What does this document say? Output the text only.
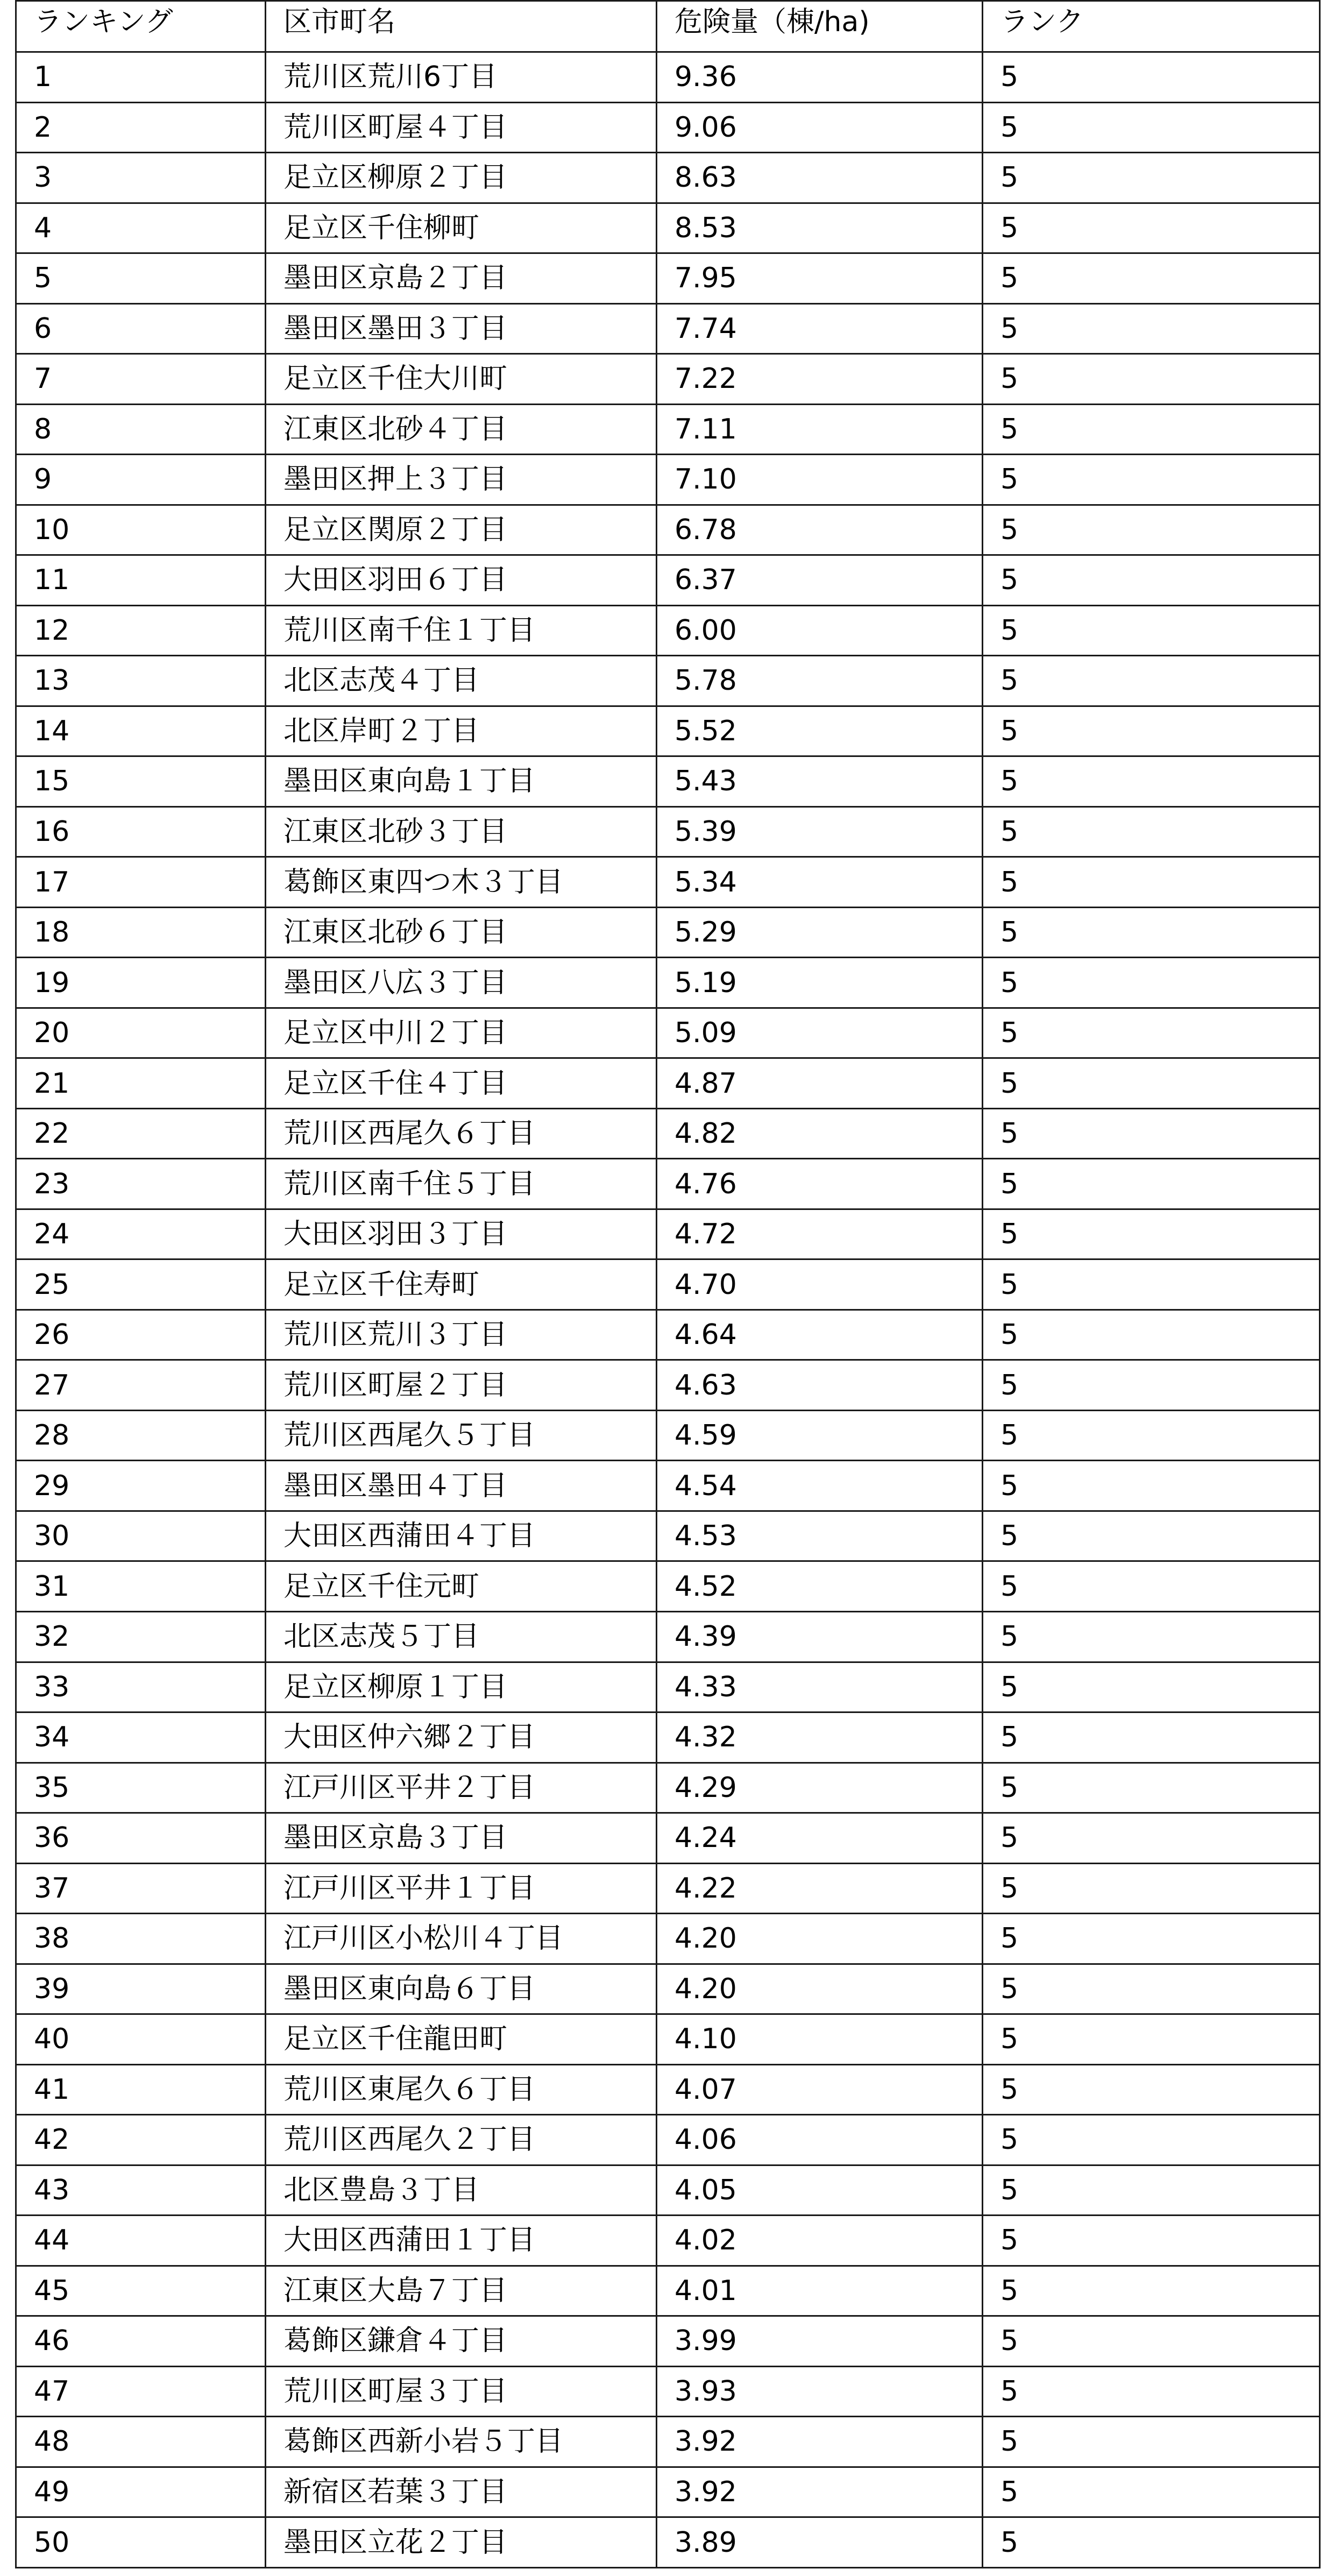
ランキング	区市町名	危険量（棟/ha)	ランク
1	荒川区荒川6丁目	9.36	5
2	荒川区町屋４丁目	9.06	5
3	足立区柳原２丁目	8.63	5
4	足立区千住柳町	8.53	5
5	墨田区京島２丁目	7.95	5
6	墨田区墨田３丁目	7.74	5
7	足立区千住大川町	7.22	5
8	江東区北砂４丁目	7.11	5
9	墨田区押上３丁目	7.10	5
10	足立区関原２丁目	6.78	5
11	大田区羽田６丁目	6.37	5
12	荒川区南千住１丁目	6.00	5
13	北区志茂４丁目	5.78	5
14	北区岸町２丁目	5.52	5
15	墨田区東向島１丁目	5.43	5
16	江東区北砂３丁目	5.39	5
17	葛飾区東四つ木３丁目	5.34	5
18	江東区北砂６丁目	5.29	5
19	墨田区八広３丁目	5.19	5
20	足立区中川２丁目	5.09	5
21	足立区千住４丁目	4.87	5
22	荒川区西尾久６丁目	4.82	5
23	荒川区南千住５丁目	4.76	5
24	大田区羽田３丁目	4.72	5
25	足立区千住寿町	4.70	5
26	荒川区荒川３丁目	4.64	5
27	荒川区町屋２丁目	4.63	5
28	荒川区西尾久５丁目	4.59	5
29	墨田区墨田４丁目	4.54	5
30	大田区西蒲田４丁目	4.53	5
31	足立区千住元町	4.52	5
32	北区志茂５丁目	4.39	5
33	足立区柳原１丁目	4.33	5
34	大田区仲六郷２丁目	4.32	5
35	江戸川区平井２丁目	4.29	5
36	墨田区京島３丁目	4.24	5
37	江戸川区平井１丁目	4.22	5
38	江戸川区小松川４丁目	4.20	5
39	墨田区東向島６丁目	4.20	5
40	足立区千住龍田町	4.10	5
41	荒川区東尾久６丁目	4.07	5
42	荒川区西尾久２丁目	4.06	5
43	北区豊島３丁目	4.05	5
44	大田区西蒲田１丁目	4.02	5
45	江東区大島７丁目	4.01	5
46	葛飾区鎌倉４丁目	3.99	5
47	荒川区町屋３丁目	3.93	5
48	葛飾区西新小岩５丁目	3.92	5
49	新宿区若葉３丁目	3.92	5
50	墨田区立花２丁目	3.89	5
